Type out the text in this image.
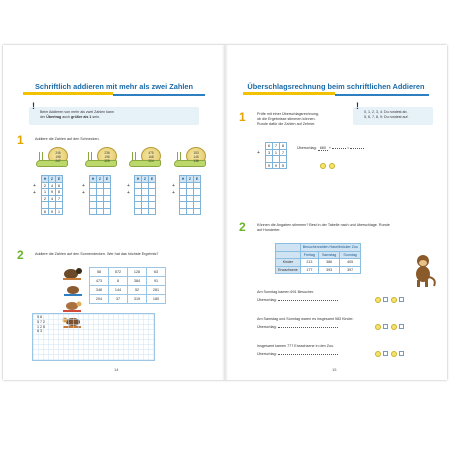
Schriftlich addieren mit mehr als zwei Zahlen
!
Beim Addieren von mehr als zwei Zahlen kann
der Übertrag auch größer als 1 sein.
1	Addiere die Zahlen auf den Schnecken.
246
198
247
236
196
325
475
168
224
153
145
136
+
+
H	Z	E
2	4	6
1	9	8
2	4	7

6	9	1
+
+
H	Z	E

+
+
H	Z	E

+
+
H	Z	E

2	Addiere die Zahlen auf den Sonnendecken. Wer hat das höchste Ergebnis?
58	572	128	63
473	8	384	91
348	144	52	281
204	37	319	180
5 8
5 7 2
1 2 8
6 3
14
Überschlagsrechnung beim schriftlichen Addieren
1	Prüfe mit einer Überschlagsrechnung,
ob die Ergebnisse stimmen können.
Runde dafür die Zahlen auf Zehner.
!
0, 1, 2, 3, 4: Du rundest ab.
5, 6, 7, 8, 9: Du rundest auf.
+
6	7	8
3	1	7

9	9	5
Überschlag: 680 +	=
2	Können die Angaben stimmen? Best in der Tabelle nach und überschlage. Runde
auf Hunderter.
	Besucherzahlen Haselbrücker Zoo		
	Freitag	Samstag	Sonntag
Kinder	213	386	405
Erwachsene	177	393	397
Am Sonntag kamen 691 Besucher.
Überschlag:
Am Samstag und Sonntag waren es insgesamt 983 Kinder.
Überschlag:
Insgesamt kamen 777 Erwachsene in den Zoo.
Überschlag:
15
